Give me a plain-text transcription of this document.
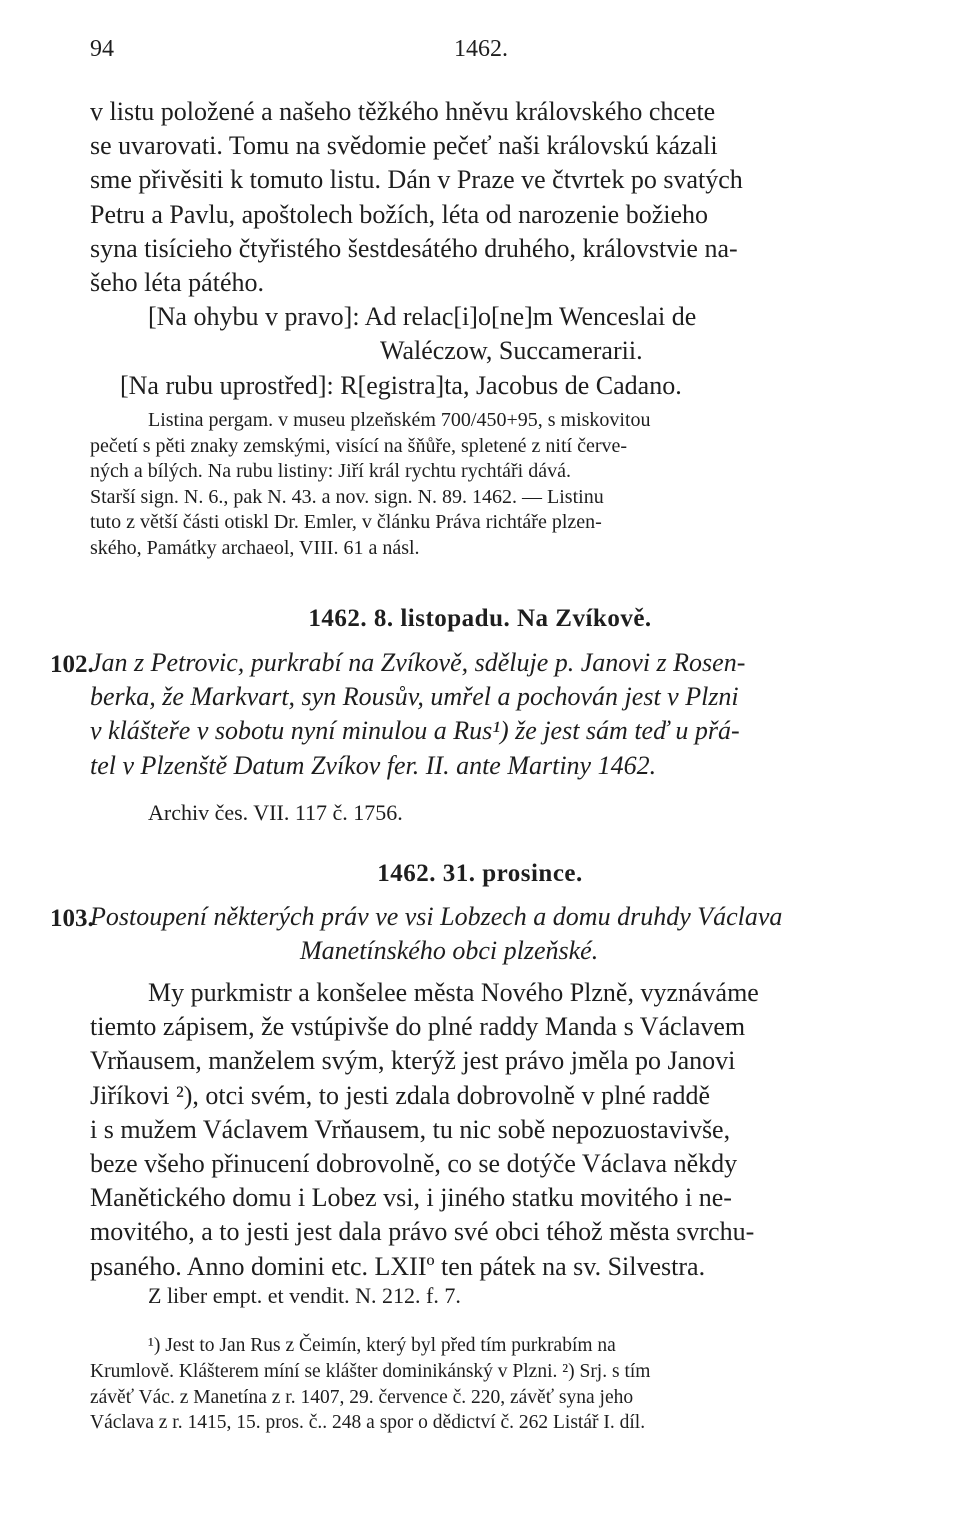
94	1462.
v listu položené a našeho těžkého hněvu královského chcete
se uvarovati. Tomu na svědomie pečeť naši královskú kázali
sme přivěsiti k tomuto listu. Dán v Praze ve čtvrtek po svatých
Petru a Pavlu, apoštolech božích, léta od narozenie božieho
syna tisícieho čtyřistého šestdesátého druhého, královstvie na-
šeho léta pátého.
[Na ohybu v pravo]: Ad relac[i]o[ne]m Wenceslai de
Waléczow, Succamerarii.
[Na rubu uprostřed]: R[egistra]ta, Jacobus de Cadano.
Listina pergam. v museu plzeňském 700/450+95, s miskovitou
pečetí s pěti znaky zemskými, visící na šňůře, spletené z nití červe-
ných a bílých. Na rubu listiny: Jiří král rychtu rychtáři dává.
Starší sign. N. 6., pak N. 43. a nov. sign. N. 89. 1462. — Listinu
tuto z větší části otiskl Dr. Emler, v článku Práva richtáře plzen-
ského, Památky archaeol, VIII. 61 a násl.
1462. 8. listopadu. Na Zvíkově.
102.
Jan z Petrovic, purkrabí na Zvíkově, sděluje p. Janovi z Rosen-
berka, že Markvart, syn Rousův, umřel a pochován jest v Plzni
v klášteře v sobotu nyní minulou a Rus¹) že jest sám teď u přá-
tel v Plzenště Datum Zvíkov fer. II. ante Martiny 1462.
Archiv čes. VII. 117 č. 1756.
1462. 31. prosince.
103.
Postoupení některých práv ve vsi Lobzech a domu druhdy Václava
Manetínského obci plzeňské.
My purkmistr a konšelee města Nového Plzně, vyznáváme
tiemto zápisem, že vstúpivše do plné raddy Manda s Václavem
Vrňausem, manželem svým, kterýž jest právo jměla po Janovi
Jiříkovi ²), otci svém, to jesti zdala dobrovolně v plné raddě
i s mužem Václavem Vrňausem, tu nic sobě nepozuostavivše,
beze všeho přinucení dobrovolně, co se dotýče Václava někdy
Manětického domu i Lobez vsi, i jiného statku movitého i ne-
movitého, a to jesti jest dala právo své obci téhož města svrchu-
psaného. Anno domini etc. LXIIº ten pátek na sv. Silvestra.
Z liber empt. et vendit. N. 212. f. 7.
¹) Jest to Jan Rus z Čeimín, který byl před tím purkrabím na
Krumlově. Klášterem míní se klášter dominikánský v Plzni. ²) Srj. s tím
závěť Vác. z Manetína z r. 1407, 29. července č. 220, závěť synа jeho
Václava z r. 1415, 15. pros. č.. 248 a spor o dědictví č. 262 Listář I. díl.
